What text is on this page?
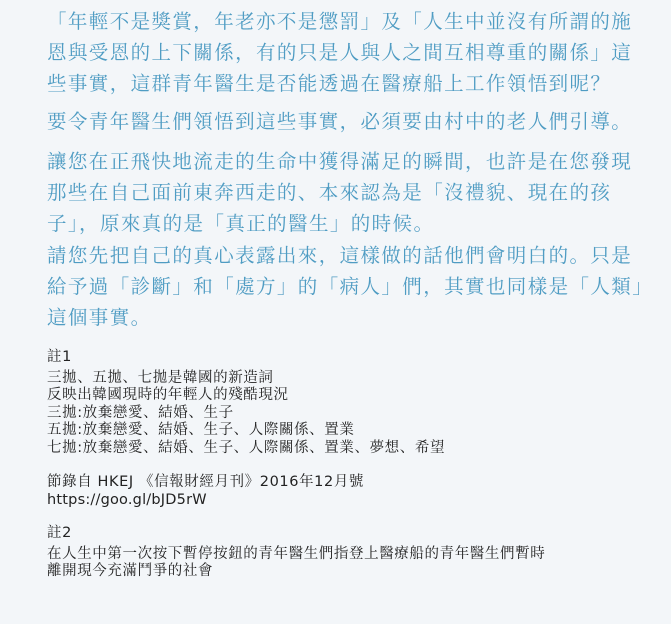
「年輕不是獎賞，年老亦不是懲罰」及「人生中並沒有所謂的施恩與受恩的上下關係，有的只是人與人之間互相尊重的關係」這些事實，這群青年醫生是否能透過在醫療船上工作領悟到呢？

要令青年醫生們領悟到這些事實，必須要由村中的老人們引導。

讓您在正飛快地流走的生命中獲得滿足的瞬間，也許是在您發現那些在自己面前東奔西走的、本來認為是「沒禮貌、現在的孩子」，原來真的是「真正的醫生」的時候。

請您先把自己的真心表露出來，這樣做的話他們會明白的。只是給予過「診斷」和「處方」的「病人」們，其實也同樣是「人類」這個事實。

註1
三拋、五拋、七拋是韓國的新造詞
反映出韓國現時的年輕人的殘酷現況
三拋:放棄戀愛、結婚、生子
五拋:放棄戀愛、結婚、生子、人際關係、置業
七拋:放棄戀愛、結婚、生子、人際關係、置業、夢想、希望
節錄自 HKEJ 《信報財經月刊》2016年12月號
https://goo.gl/bJD5rW
註2
在人生中第一次按下暫停按鈕的青年醫生們指登上醫療船的青年醫生們暫時
離開現今充滿鬥爭的社會
